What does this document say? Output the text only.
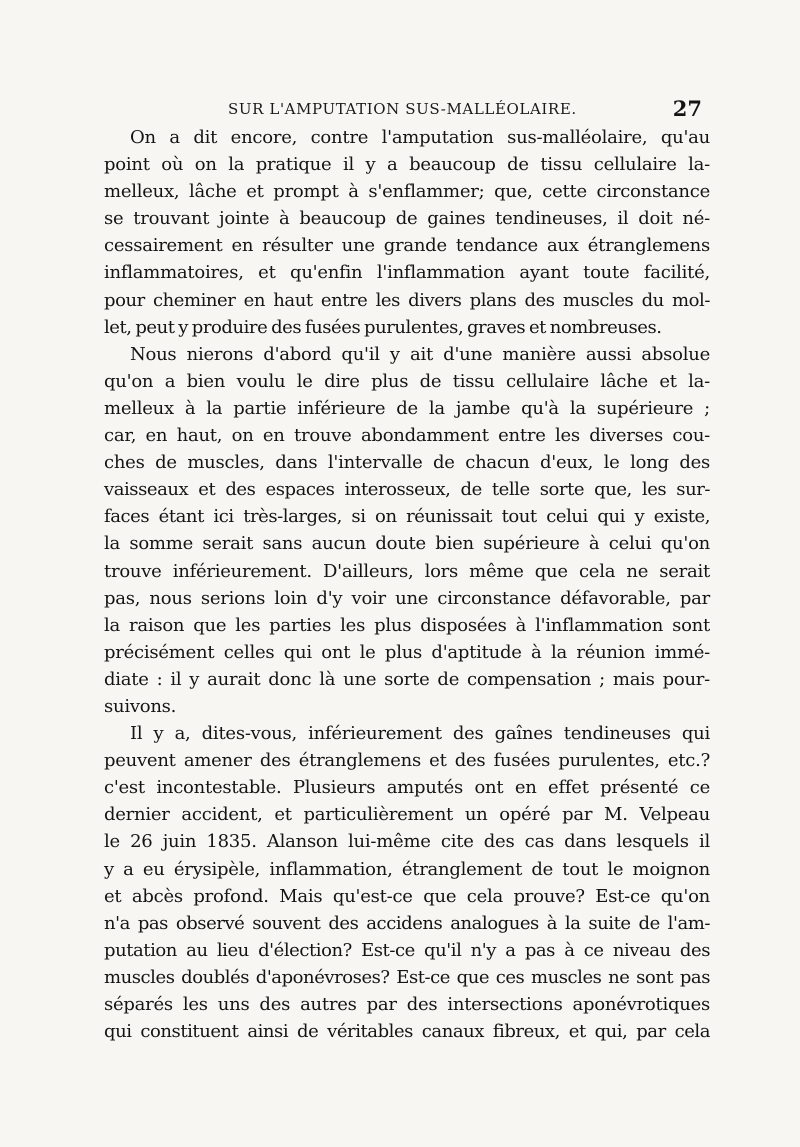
SUR L'AMPUTATION SUS-MALLÉOLAIRE.	27
On a dit encore, contre l'amputation sus-malléolaire, qu'au
point où on la pratique il y a beaucoup de tissu cellulaire la-
melleux, lâche et prompt à s'enflammer; que, cette circonstance
se trouvant jointe à beaucoup de gaines tendineuses, il doit né-
cessairement en résulter une grande tendance aux étranglemens
inflammatoires, et qu'enfin l'inflammation ayant toute facilité,
pour cheminer en haut entre les divers plans des muscles du mol-
let, peut y produire des fusées purulentes, graves et nombreuses.
Nous nierons d'abord qu'il y ait d'une manière aussi absolue
qu'on a bien voulu le dire plus de tissu cellulaire lâche et la-
melleux à la partie inférieure de la jambe qu'à la supérieure ;
car, en haut, on en trouve abondamment entre les diverses cou-
ches de muscles, dans l'intervalle de chacun d'eux, le long des
vaisseaux et des espaces interosseux, de telle sorte que, les sur-
faces étant ici très-larges, si on réunissait tout celui qui y existe,
la somme serait sans aucun doute bien supérieure à celui qu'on
trouve inférieurement. D'ailleurs, lors même que cela ne serait
pas, nous serions loin d'y voir une circonstance défavorable, par
la raison que les parties les plus disposées à l'inflammation sont
précisément celles qui ont le plus d'aptitude à la réunion immé-
diate : il y aurait donc là une sorte de compensation ; mais pour-
suivons.
Il y a, dites-vous, inférieurement des gaînes tendineuses qui
peuvent amener des étranglemens et des fusées purulentes, etc.?
c'est incontestable. Plusieurs amputés ont en effet présenté ce
dernier accident, et particulièrement un opéré par M. Velpeau
le 26 juin 1835. Alanson lui-même cite des cas dans lesquels il
y a eu érysipèle, inflammation, étranglement de tout le moignon
et abcès profond. Mais qu'est-ce que cela prouve? Est-ce qu'on
n'a pas observé souvent des accidens analogues à la suite de l'am-
putation au lieu d'élection? Est-ce qu'il n'y a pas à ce niveau des
muscles doublés d'aponévroses? Est-ce que ces muscles ne sont pas
séparés les uns des autres par des intersections aponévrotiques
qui constituent ainsi de véritables canaux fibreux, et qui, par cela
